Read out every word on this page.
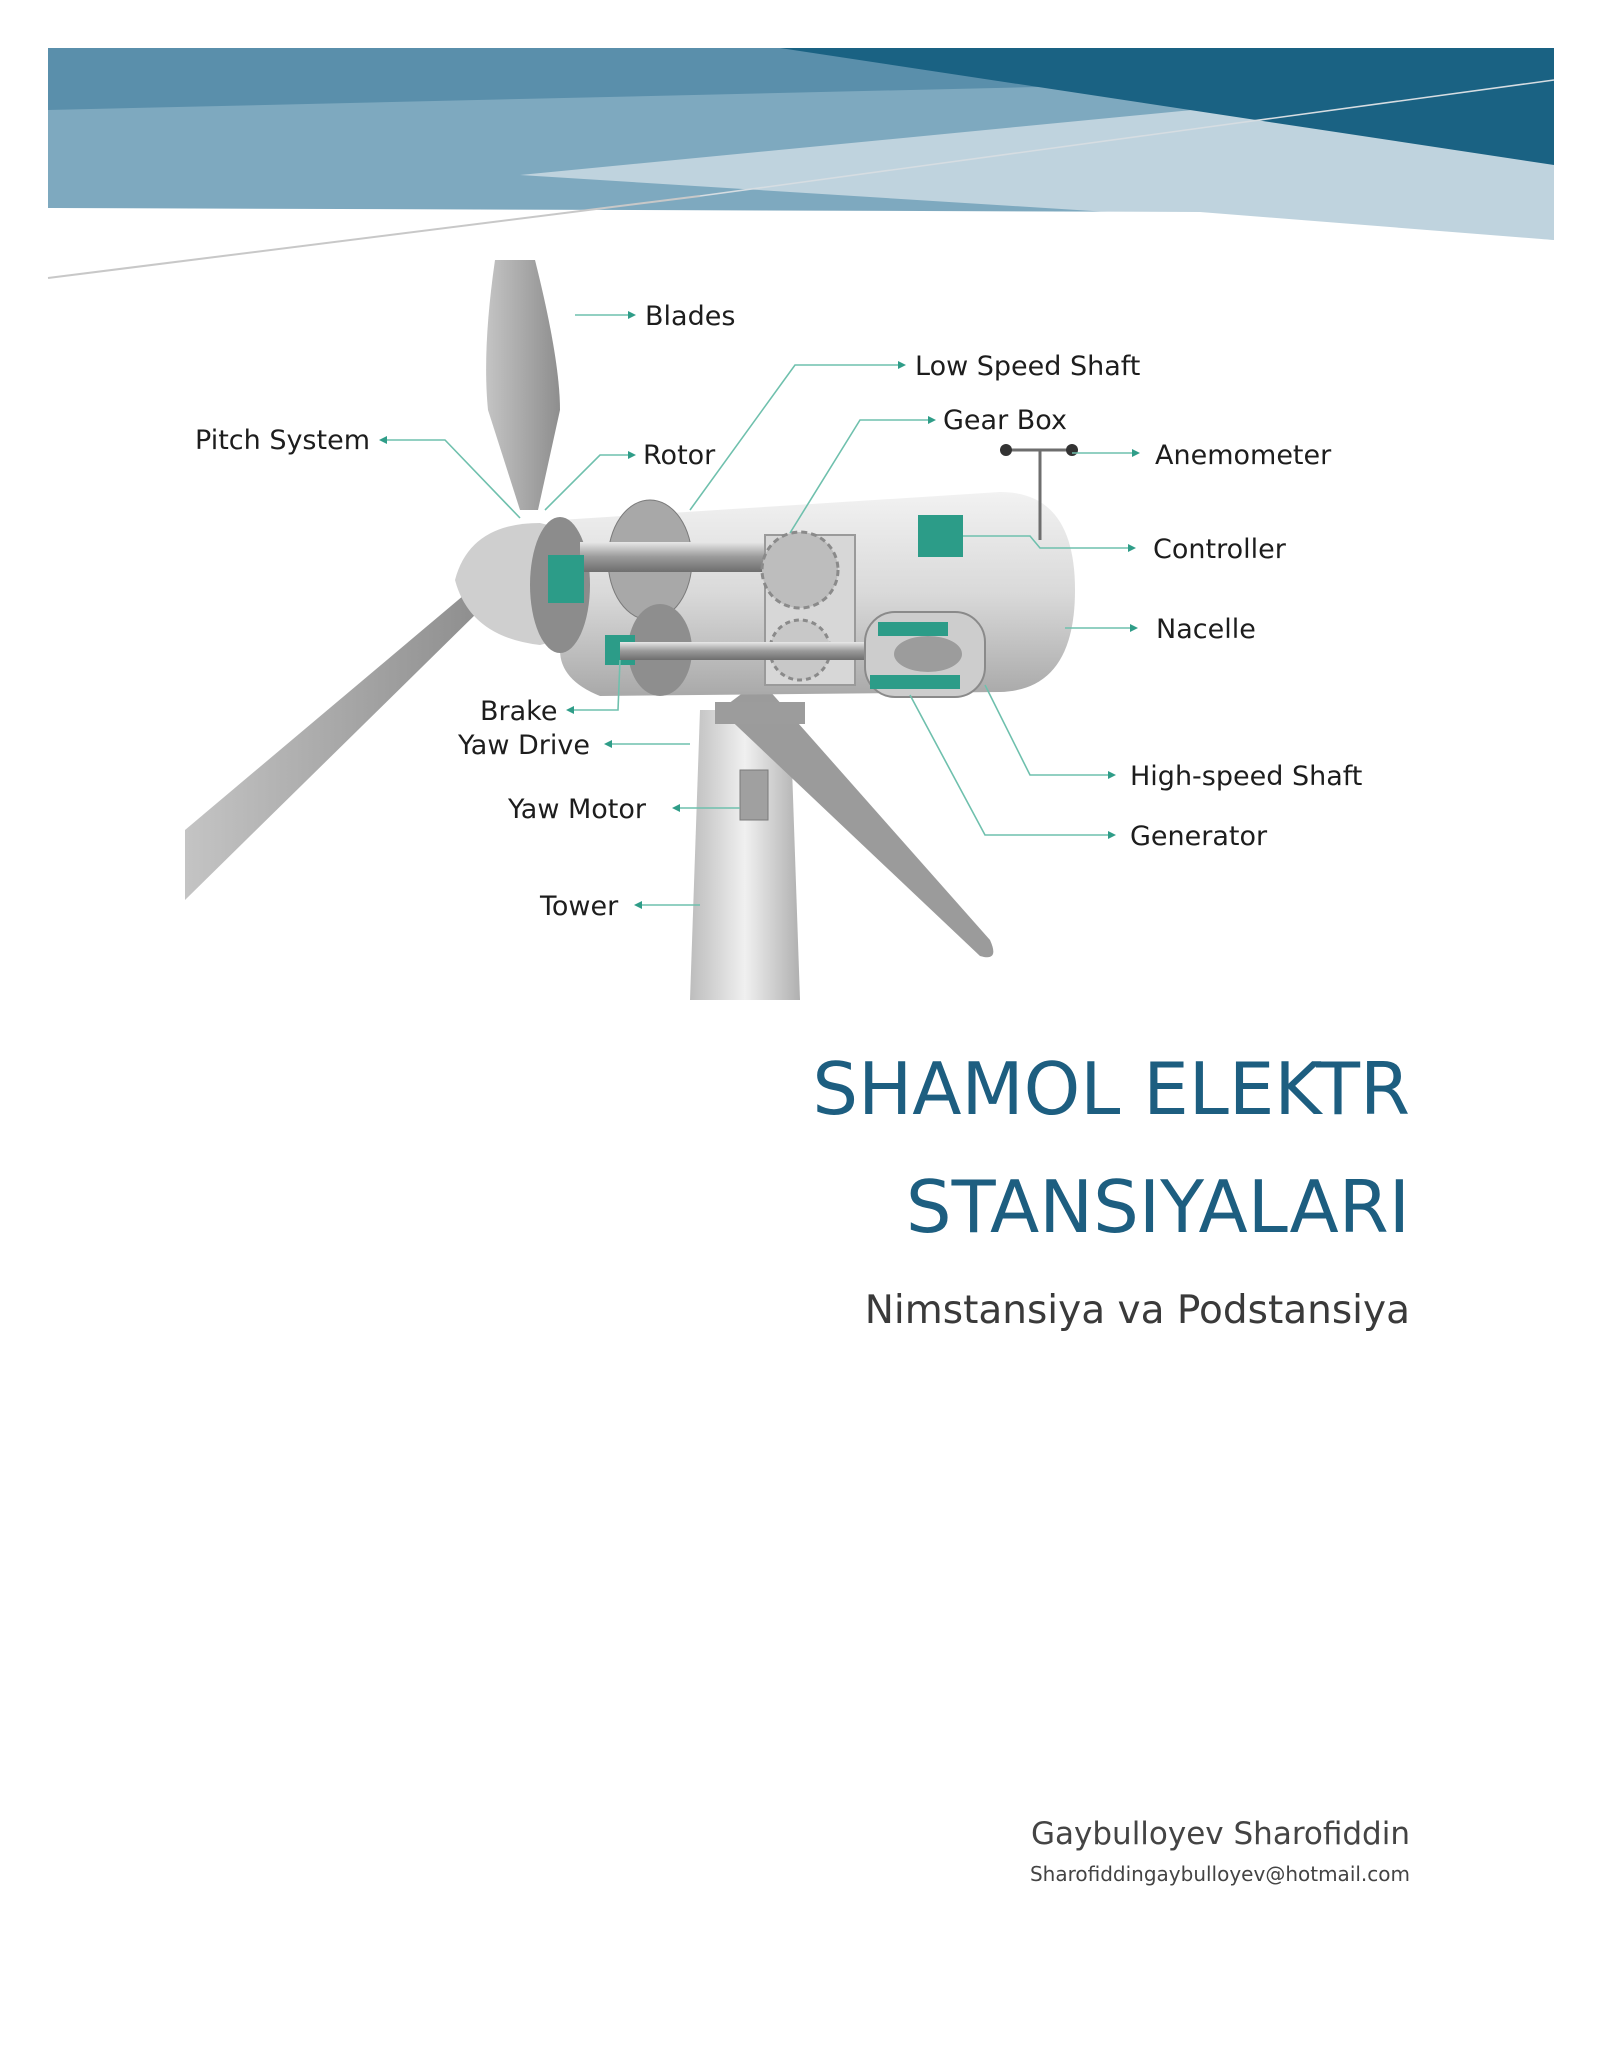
Blades
Low Speed Shaft
Pitch System
Gear Box
Rotor	Anemometer
Controller
Nacelle
Brake
Yaw Drive
Yaw Motor
High-speed Shaft
Generator
Tower
SHAMOL ELEKTR
STANSIYALARI
Nimstansiya va Podstansiya
Gaybulloyev Sharofiddin
Sharofiddingaybulloyev@hotmail.com
